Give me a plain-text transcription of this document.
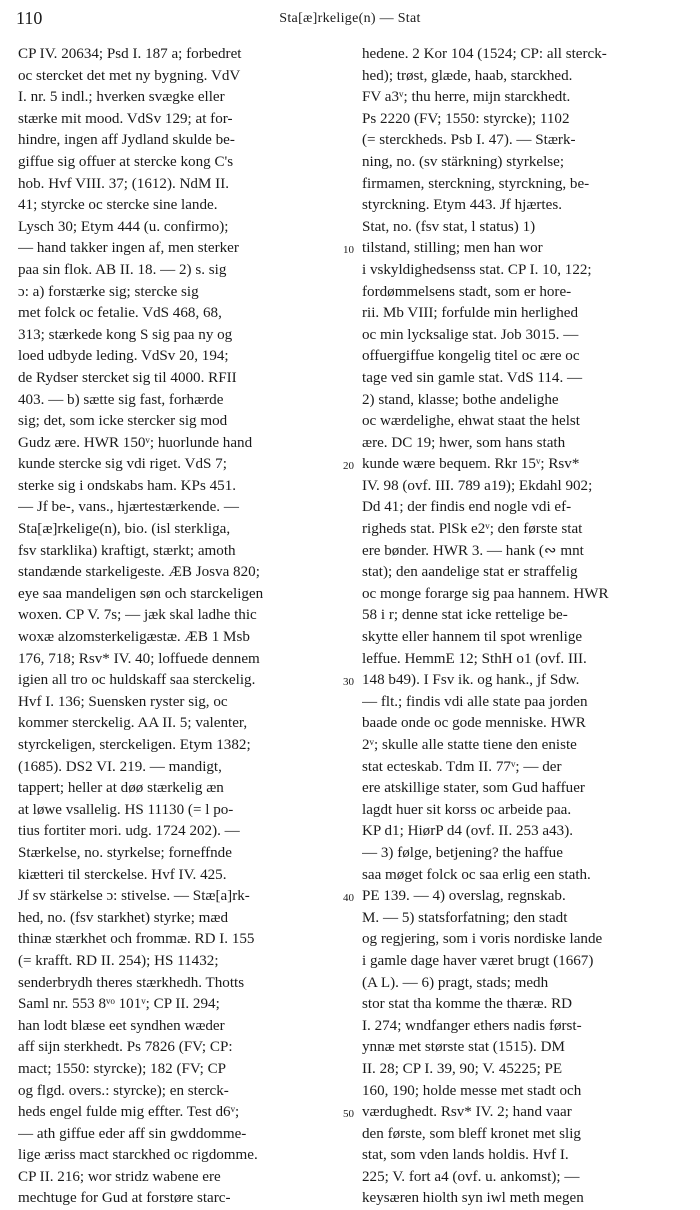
110	Sta[æ]rkelige(n) — Stat
CP IV. 20634; Psd I. 187 a; forbedret
oc stercket det met ny bygning. VdV
I. nr. 5 indl.; hverken svægke eller
stærke mit mood. VdSv 129; at for-
hindre, ingen aff Jydland skulde be-
giffue sig offuer at stercke kong C's
hob. Hvf VIII. 37; (1612). NdM II.
41; styrcke oc stercke sine lande.
Lysch 30; Etym 444 (u. confirmo);
— hand takker ingen af, men sterker
paa sin flok. AB II. 18. — 2) s. sig
ɔ: a) forstærke sig; stercke sig
met folck oc fetalie. VdS 468, 68,
313; stærkede kong S sig paa ny og
loed udbyde leding. VdSv 20, 194;
de Rydser stercket sig til 4000. RFII
403. — b) sætte sig fast, forhærde
sig; det, som icke stercker sig mod
Gudz ære. HWR 150ᵛ; huorlunde hand
kunde stercke sig vdi riget. VdS 7;
sterke sig i ondskabs ham. KPs 451.
— Jf be-, vans., hjærtestærkende. —
Sta[æ]rkelige(n), bio. (isl sterkliga,
fsv starklika) kraftigt, stærkt; amoth
standænde starkeligeste. ÆB Josva 820;
eye saa mandeligen søn och starckeligen
woxen. CP V. 7s; — jæk skal ladhe thic
woxæ alzomsterkeligæstæ. ÆB 1 Msb
176, 718; Rsv* IV. 40; loffuede dennem
igien all tro oc huldskaff saa sterckelig.
Hvf I. 136; Suensken ryster sig, oc
kommer sterckelig. AA II. 5; valenter,
styrckeligen, sterckeligen. Etym 1382;
(1685). DS2 VI. 219. — mandigt,
tappert; heller at døø stærkelig æn
at løwe vsallelig. HS 11130 (= l po-
tius fortiter mori. udg. 1724 202). —
Stærkelse, no. styrkelse; forneffnde
kiætteri til sterckelse. Hvf IV. 425.
Jf sv stärkelse ɔ: stivelse. — Stæ[a]rk-
hed, no. (fsv starkhet) styrke; mæd
thinæ stærkhet och frommæ. RD I. 155
(= krafft. RD II. 254); HS 11432;
senderbrydh theres stærkhedh. Thotts
Saml nr. 553 8ᵛᵒ 101ᵛ; CP II. 294;
han lodt blæse eet syndhen wæder
aff sijn sterkhedt. Ps 7826 (FV; CP:
mact; 1550: styrcke); 182 (FV; CP
og flgd. overs.: styrcke); en sterck-
heds engel fulde mig effter. Test d6ᵛ;
— ath giffue eder aff sin gwddomme-
lige æriss mact starckhed oc rigdomme.
CP II. 216; wor stridz wabene ere
mechtuge for Gud at forstøre starc-
10
20
30
40
50
hedene. 2 Kor 104 (1524; CP: all sterck-
hed); trøst, glæde, haab, starckhed.
FV a3ᵛ; thu herre, mijn starckhedt.
Ps 2220 (FV; 1550: styrcke); 1102
(= sterckheds. Psb I. 47). — Stærk-
ning, no. (sv stärkning) styrkelse;
firmamen, sterckning, styrckning, be-
styrckning. Etym 443. Jf hjærtes.
Stat, no. (fsv stat, l status) 1)
tilstand, stilling; men han wor
i vskyldighedsenss stat. CP I. 10, 122;
fordømmelsens stadt, som er hore-
rii. Mb VIII; forfulde min herlighed
oc min lycksalige stat. Job 3015. —
offuergiffue kongelig titel oc ære oc
tage ved sin gamle stat. VdS 114. —
2) stand, klasse; bothe andelighe
oc wærdelighe, ehwat staat the helst
ære. DC 19; hwer, som hans stath
kunde wære bequem. Rkr 15ᵛ; Rsv*
IV. 98 (ovf. III. 789 a19); Ekdahl 902;
Dd 41; der findis end nogle vdi ef-
righeds stat. PlSk e2ᵛ; den første stat
ere bønder. HWR 3. — hank (∾ mnt
stat); den aandelige stat er straffelig
oc monge forarge sig paa hannem. HWR
58 i r; denne stat icke rettelige be-
skytte eller hannem til spot wrenlige
leffue. HemmE 12; SthH o1 (ovf. III.
148 b49). I Fsv ik. og hank., jf Sdw.
— flt.; findis vdi alle state paa jorden
baade onde oc gode menniske. HWR
2ᵛ; skulle alle statte tiene den eniste
stat ecteskab. Tdm II. 77ᵛ; — der
ere atskillige stater, som Gud haffuer
lagdt huer sit korss oc arbeide paa.
KP d1; HiørP d4 (ovf. II. 253 a43).
— 3) følge, betjening? the haffue
saa møget folck oc saa erlig een stath.
PE 139. — 4) overslag, regnskab.
M. — 5) statsforfatning; den stadt
og regjering, som i voris nordiske lande
i gamle dage haver været brugt (1667)
(A L). — 6) pragt, stads; medh
stor stat tha komme the thæræ. RD
I. 274; wndfanger ethers nadis først-
ynnæ met største stat (1515). DM
II. 28; CP I. 39, 90; V. 45225; PE
160, 190; holde messe met stadt och
værdughedt. Rsv* IV. 2; hand vaar
den første, som bleff kronet met slig
stat, som vden lands holdis. Hvf I.
225; V. fort a4 (ovf. u. ankomst); —
keysæren hiolth syn iwl meth megen
